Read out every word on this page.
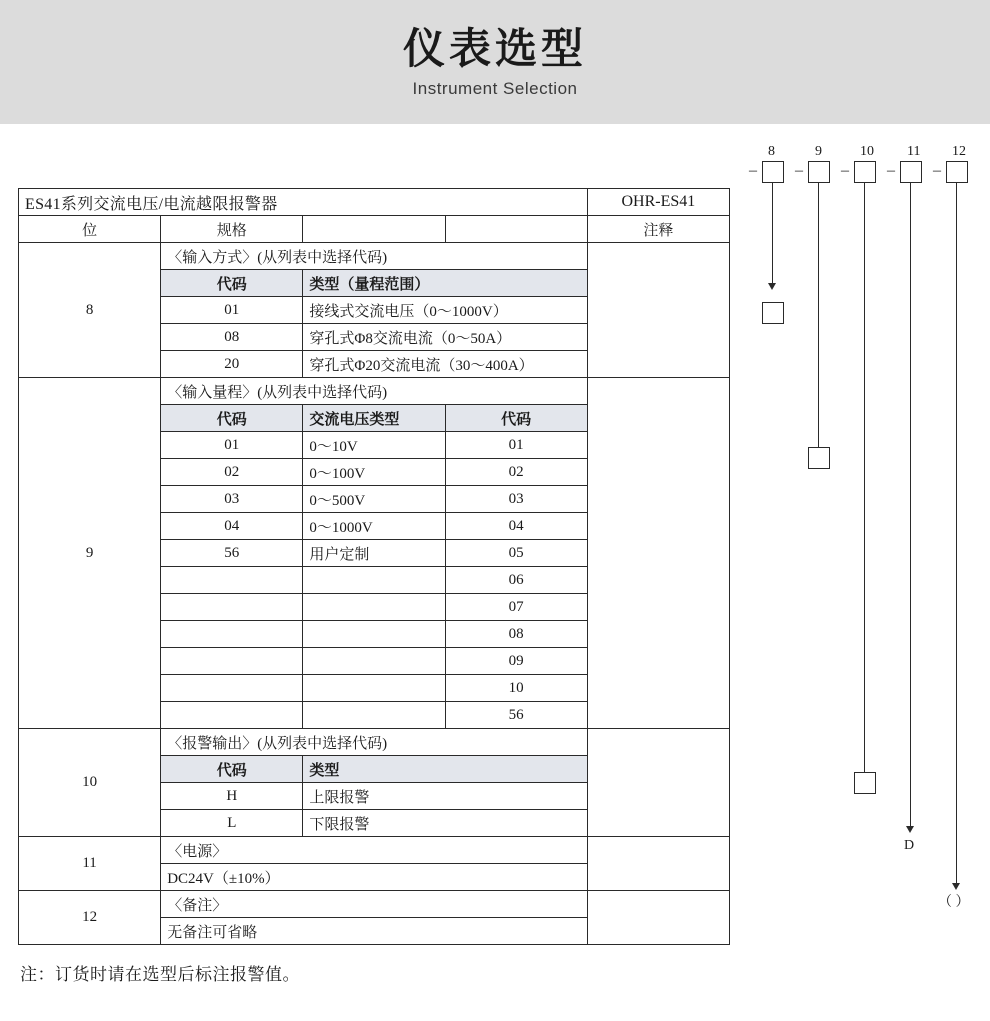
仪表选型
Instrument Selection
ES41系列交流电压/电流越限报警器				OHR-ES41
位	规格			注释
8	〈输入方式〉(从列表中选择代码)			
	代码	类型（量程范围）		
	01	接线式交流电压（0～1000V）		
	08	穿孔式Φ8交流电流（0～50A）		
	20	穿孔式Φ20交流电流（30～400A）		
9	〈输入量程〉(从列表中选择代码)			
	代码	交流电压类型	代码	
	01	0～10V	01	
	02	0～100V	02	
	03	0～500V	03	
	04	0～1000V	04	
	56	用户定制	05	
			06	
			07	
			08	
			09	
			10	
			56	
10	〈报警输出〉(从列表中选择代码)			
	代码	类型		
	H	上限报警		
	L	下限报警		
11	〈电源〉			
	DC24V（±10%）			
12	〈备注〉			
	无备注可省略			
注：订货时请在选型后标注报警值。
8	9	10 11 12
– – – – –
D
（ ）
